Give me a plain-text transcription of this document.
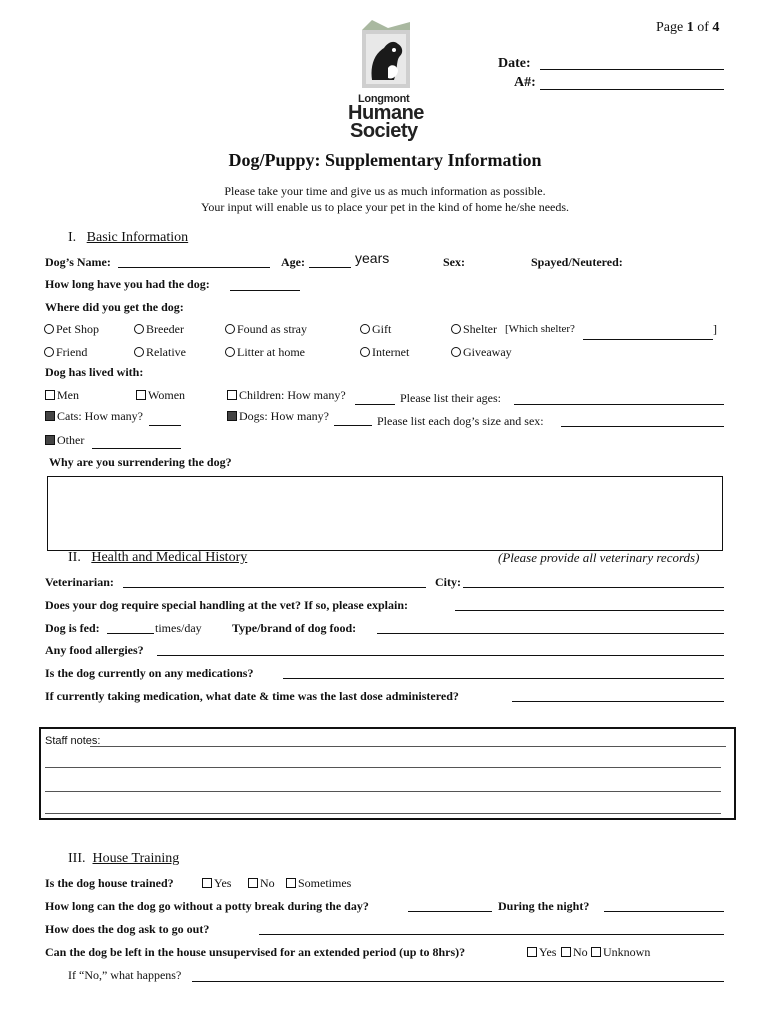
Page 1 of 4
Date:
A#:
Longmont
Humane
Society
Dog/Puppy: Supplementary Information
Please take your time and give us as much information as possible.
Your input will enable us to place your pet in the kind of home he/she needs.
I. Basic Information
Dog’s Name:	Age:	years	Sex:	Spayed/Neutered:
How long have you had the dog:
Where did you get the dog:
Pet Shop	Breeder	Found as stray	Gift	Shelter [Which shelter?	]
Friend	Relative	Litter at home	Internet	Giveaway
Dog has lived with:
Men	Women	Children: How many?	Please list their ages:
Cats: How many?	Dogs: How many?	Please list each dog’s size and sex:
Other
Why are you surrendering the dog?
II. Health and Medical History	(Please provide all veterinary records)
Veterinarian:	City:
Does your dog require special handling at the vet? If so, please explain:
Dog is fed:	times/day	Type/brand of dog food:
Any food allergies?
Is the dog currently on any medications?
If currently taking medication, what date & time was the last dose administered?
Staff notes:
III. House Training
Is the dog house trained?	Yes	No	Sometimes
How long can the dog go without a potty break during the day?	During the night?
How does the dog ask to go out?
Can the dog be left in the house unsupervised for an extended period (up to 8hrs)?	Yes	No	Unknown
If “No,” what happens?
